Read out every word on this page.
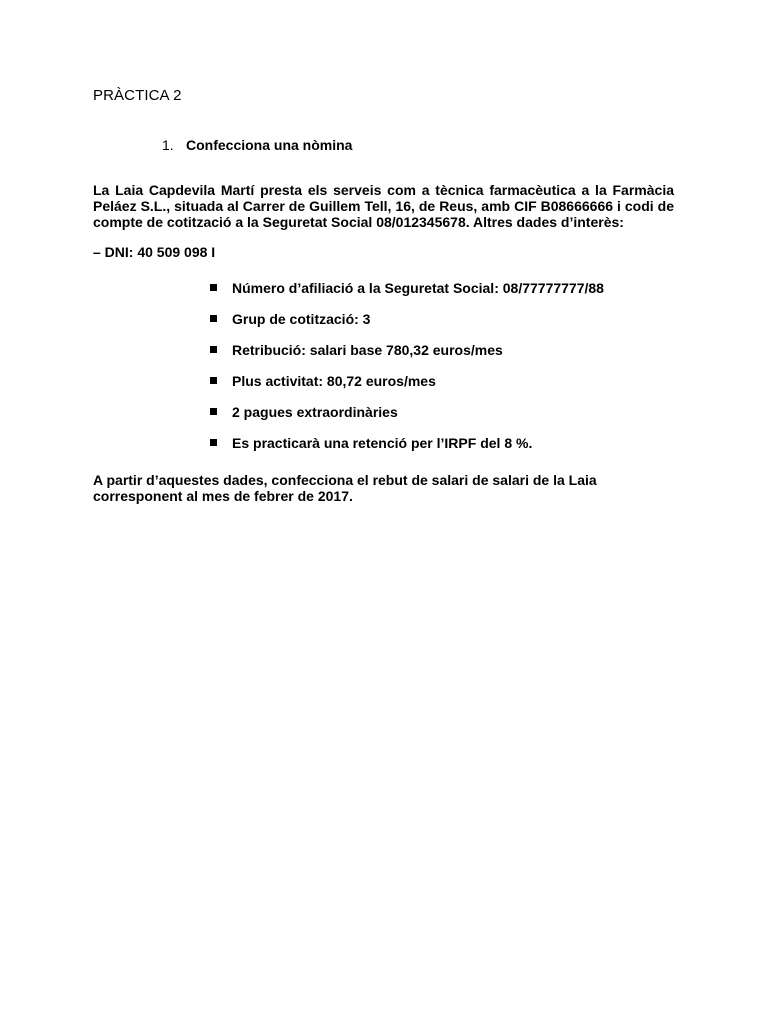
PRÀCTICA 2
1. Confecciona una nòmina

La Laia Capdevila Martí presta els serveis com a tècnica farmacèutica a la Farmàcia Peláez S.L., situada al Carrer de Guillem Tell, 16, de Reus, amb CIF B08666666 i codi de compte de cotització a la Seguretat Social 08/012345678. Altres dades d’interès:

– DNI: 40 509 098 I
Número d’afiliació a la Seguretat Social: 08/77777777/88
Grup de cotització: 3
Retribució: salari base 780,32 euros/mes
Plus activitat: 80,72 euros/mes
2 pagues extraordinàries
Es practicarà una retenció per l’IRPF del 8 %.

A partir d’aquestes dades, confecciona el rebut de salari de salari de la Laia corresponent al mes de febrer de 2017.
